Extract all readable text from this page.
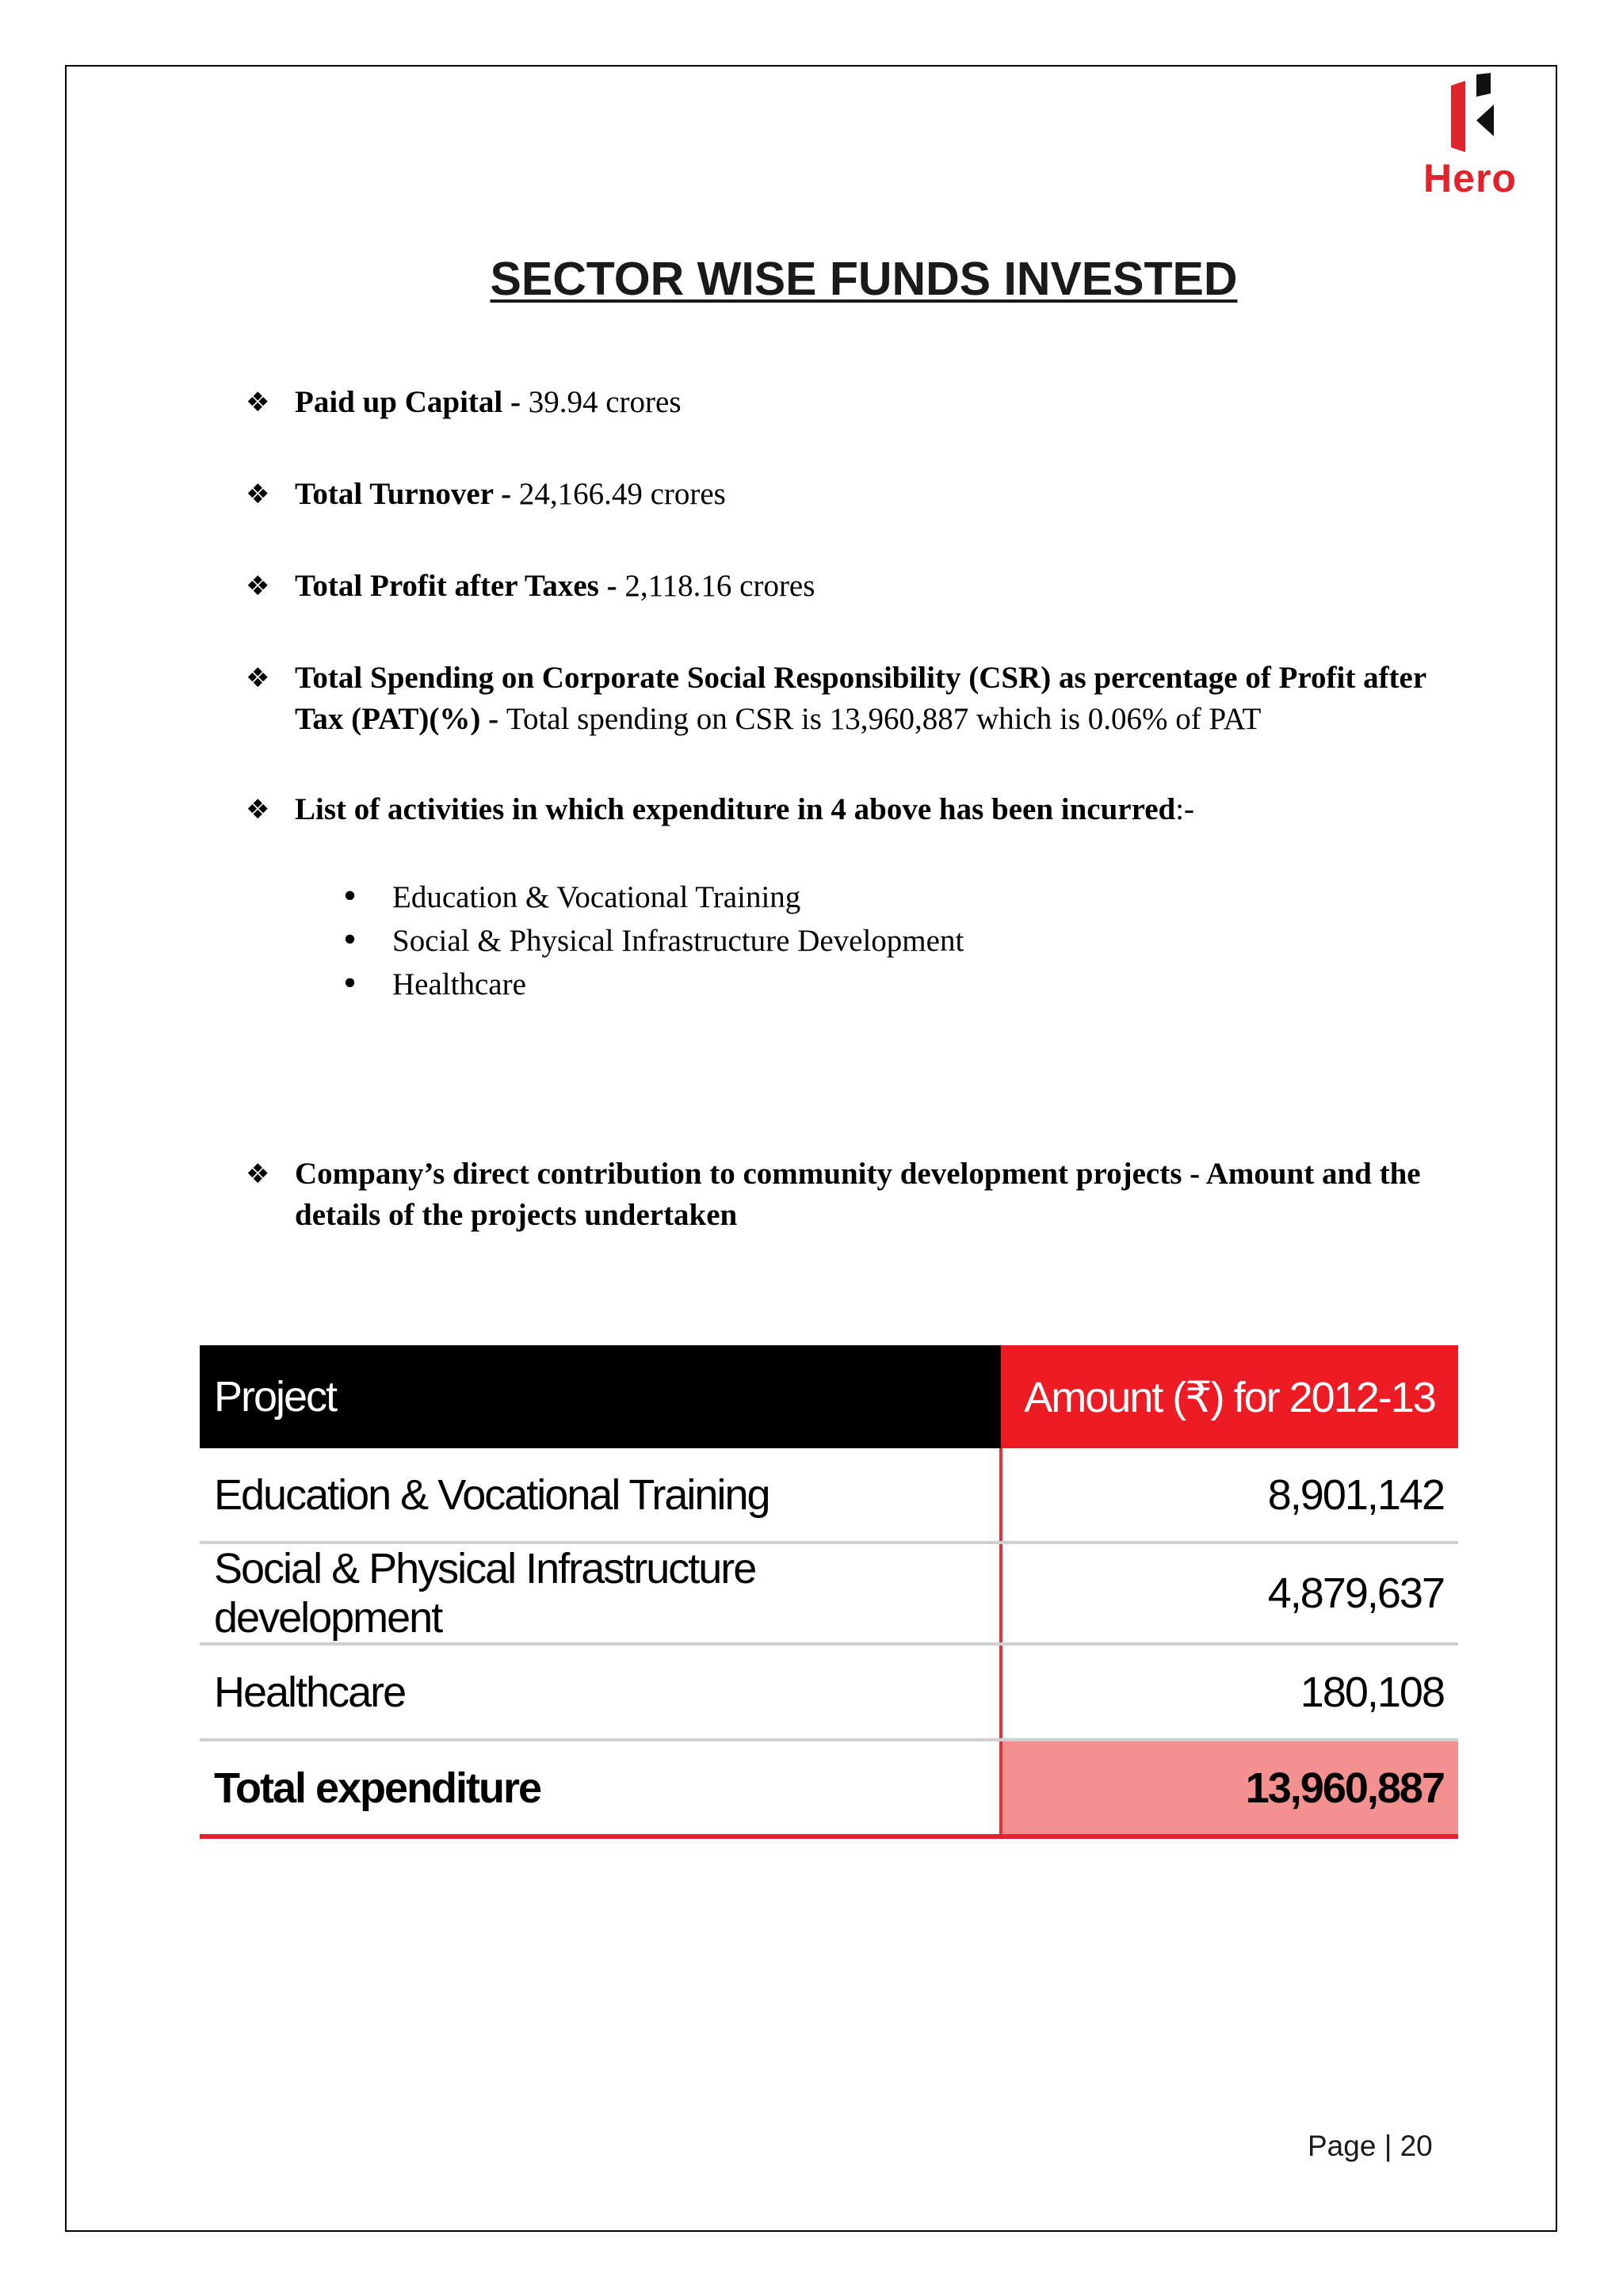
Hero
SECTOR WISE FUNDS INVESTED
❖ Paid up Capital - 39.94 crores
❖ Total Turnover - 24,166.49 crores
❖ Total Profit after Taxes - 2,118.16 crores
❖ Total Spending on Corporate Social Responsibility (CSR) as percentage of Profit after Tax (PAT)(%) - Total spending on CSR is 13,960,887 which is 0.06% of PAT
❖ List of activities in which expenditure in 4 above has been incurred:-
• Education & Vocational Training
• Social & Physical Infrastructure Development
• Healthcare
❖ Company’s direct contribution to community development projects - Amount and the details of the projects undertaken
Project	Amount (₹) for 2012-13
Education & Vocational Training	8,901,142
Social & Physical Infrastructure development	4,879,637
Healthcare	180,108
Total expenditure	13,960,887
Page | 20
